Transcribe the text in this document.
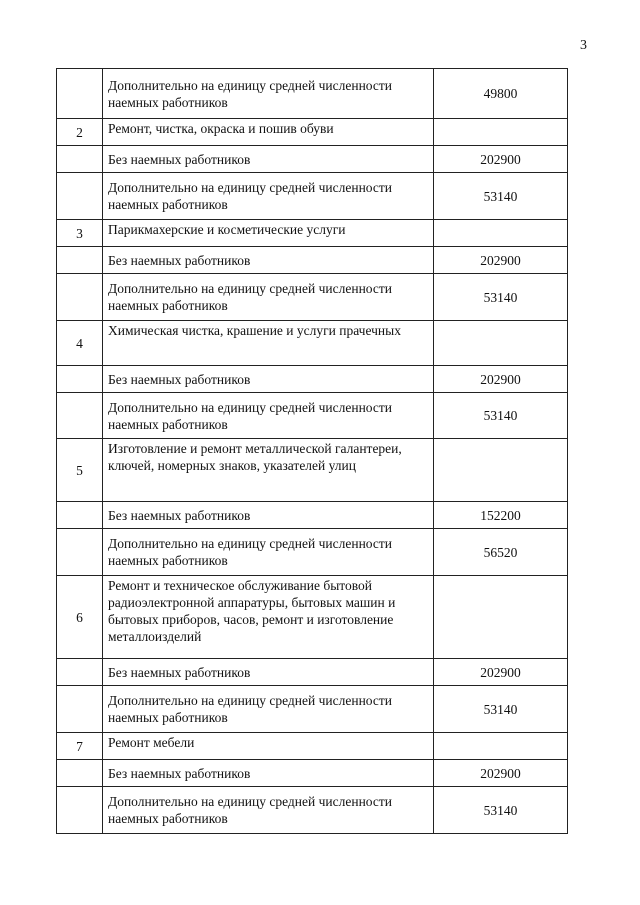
3
	Дополнительно на единицу средней численности наемных работников	49800
2	Ремонт, чистка, окраска и пошив обуви	
	Без наемных работников	202900
	Дополнительно на единицу средней численности наемных работников	53140
3	Парикмахерские и косметические услуги	
	Без наемных работников	202900
	Дополнительно на единицу средней численности наемных работников	53140
4	Химическая чистка, крашение и услуги прачечных	
	Без наемных работников	202900
	Дополнительно на единицу средней численности наемных работников	53140
5	Изготовление и ремонт металлической галантереи, ключей, номерных знаков, указателей улиц	
	Без наемных работников	152200
	Дополнительно на единицу средней численности наемных работников	56520
6	Ремонт и техническое обслуживание бытовой радиоэлектронной аппаратуры, бытовых машин и бытовых приборов, часов, ремонт и изготовление металлоизделий	
	Без наемных работников	202900
	Дополнительно на единицу средней численности наемных работников	53140
7	Ремонт мебели	
	Без наемных работников	202900
	Дополнительно на единицу средней численности наемных работников	53140
